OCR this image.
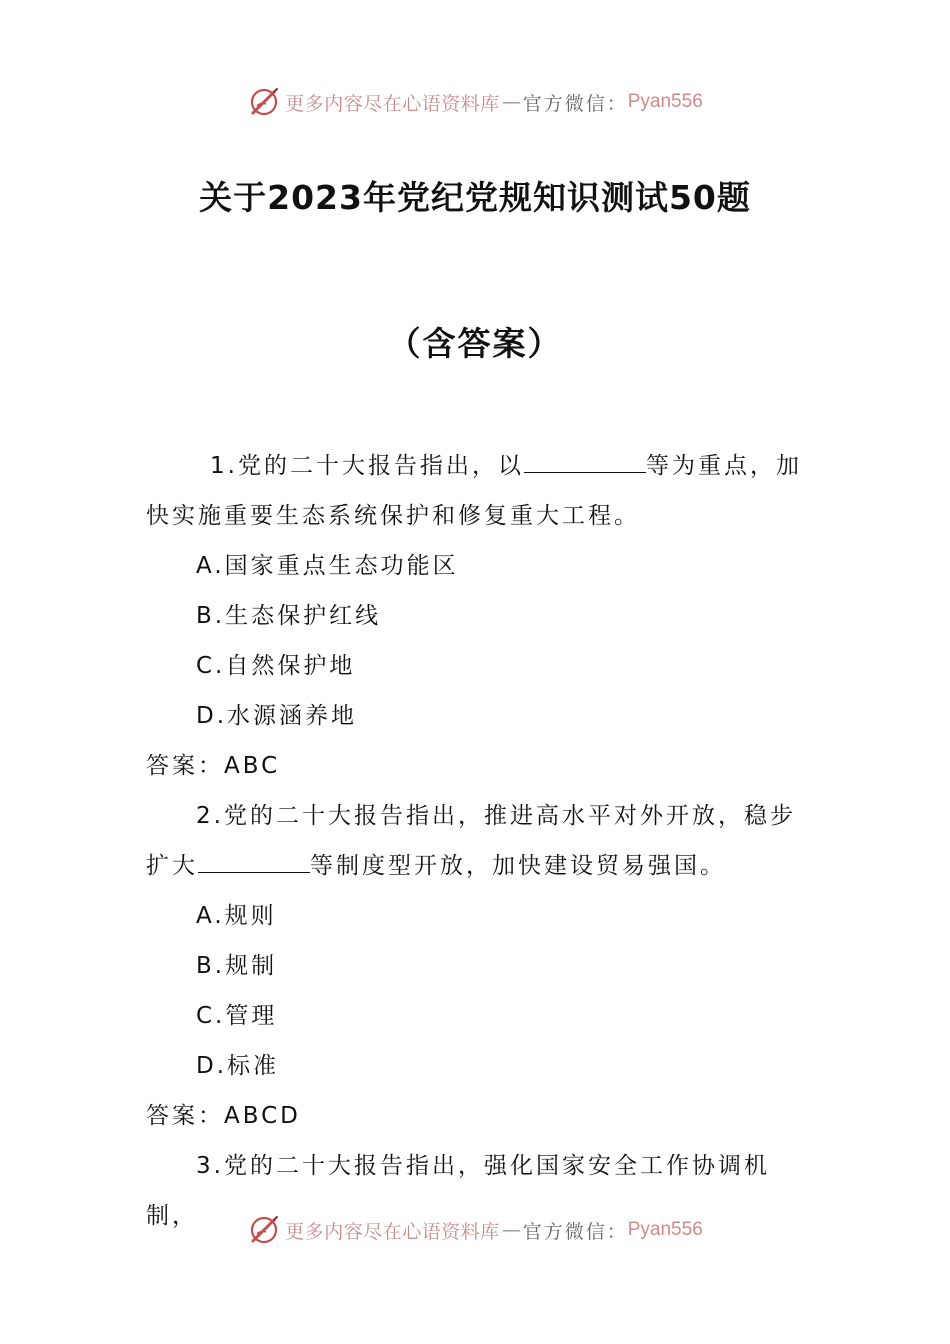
更多内容尽在心语资料库 — 官方微信： Pyan556
关于2023年党纪党规知识测试50题
（含答案）

1.党的二十大报告指出，以	等为重点，加快实施重要生态系统保护和修复重大工程。

A.国家重点生态功能区

B.生态保护红线

C.自然保护地

D.水源涵养地

答案：ABC

2.党的二十大报告指出，推进高水平对外开放，稳步扩大	等制度型开放，加快建设贸易强国。

A.规则

B.规制

C.管理

D.标准

答案：ABCD

3.党的二十大报告指出，强化国家安全工作协调机制，

更多内容尽在心语资料库 — 官方微信： Pyan556
